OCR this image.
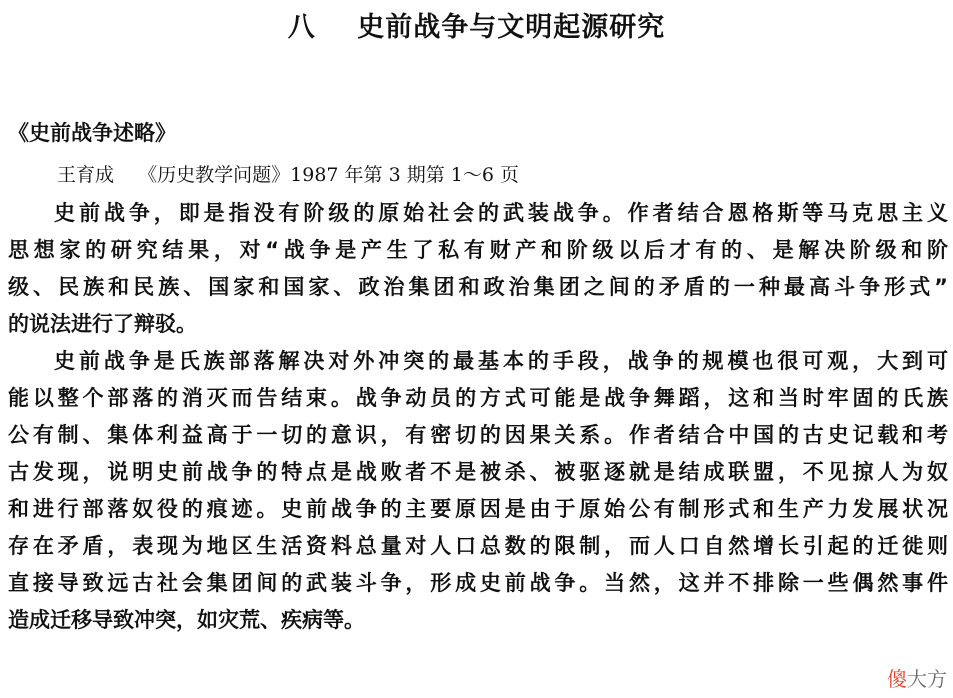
八    史前战争与文明起源研究
《史前战争述略》
王育成    《历史教学问题》1987 年第 3 期第 1～6 页
史前战争，即是指没有阶级的原始社会的武装战争。作者结合恩格斯等马克思主义
思想家的研究结果，对“战争是产生了私有财产和阶级以后才有的、是解决阶级和阶
级、民族和民族、国家和国家、政治集团和政治集团之间的矛盾的一种最高斗争形式”
的说法进行了辩驳。
史前战争是氏族部落解决对外冲突的最基本的手段，战争的规模也很可观，大到可
能以整个部落的消灭而告结束。战争动员的方式可能是战争舞蹈，这和当时牢固的氏族
公有制、集体利益高于一切的意识，有密切的因果关系。作者结合中国的古史记载和考
古发现，说明史前战争的特点是战败者不是被杀、被驱逐就是结成联盟，不见掠人为奴
和进行部落奴役的痕迹。史前战争的主要原因是由于原始公有制形式和生产力发展状况
存在矛盾，表现为地区生活资料总量对人口总数的限制，而人口自然增长引起的迁徙则
直接导致远古社会集团间的武装斗争，形成史前战争。当然，这并不排除一些偶然事件
造成迁移导致冲突，如灾荒、疾病等。
傻大方
